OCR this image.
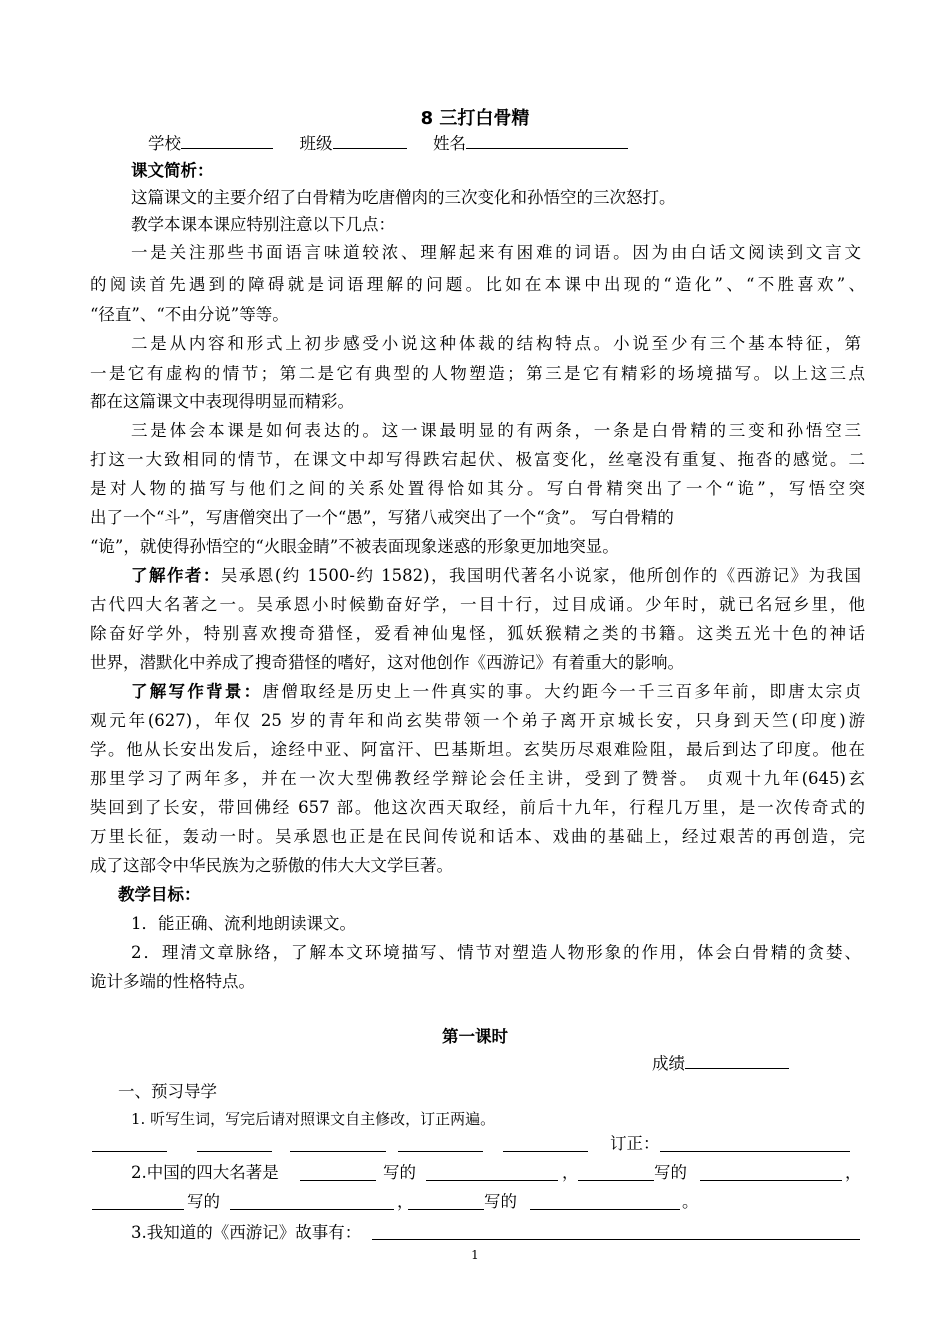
8 三打白骨精
学校	班级	姓名
课文简析：
这篇课文的主要介绍了白骨精为吃唐僧肉的三次变化和孙悟空的三次怒打。
教学本课本课应特别注意以下几点：
一是关注那些书面语言味道较浓、理解起来有困难的词语。因为由白话文阅读到文言文
的阅读首先遇到的障碍就是词语理解的问题。比如在本课中出现的“造化”、“不胜喜欢”、
“径直”、“不由分说”等等。
二是从内容和形式上初步感受小说这种体裁的结构特点。小说至少有三个基本特征，第
一是它有虚构的情节；第二是它有典型的人物塑造；第三是它有精彩的场境描写。以上这三点
都在这篇课文中表现得明显而精彩。
三是体会本课是如何表达的。这一课最明显的有两条，一条是白骨精的三变和孙悟空三
打这一大致相同的情节，在课文中却写得跌宕起伏、极富变化，丝毫没有重复、拖沓的感觉。二
是对人物的描写与他们之间的关系处置得恰如其分。写白骨精突出了一个“诡”，写悟空突
出了一个“斗”，写唐僧突出了一个“愚”，写猪八戒突出了一个“贪”。 写白骨精的
“诡”，就使得孙悟空的“火眼金睛”不被表面现象迷惑的形象更加地突显。
了解作者：吴承恩(约 1500-约 1582)，我国明代著名小说家，他所创作的《西游记》为我国
古代四大名著之一。吴承恩小时候勤奋好学，一目十行，过目成诵。少年时，就已名冠乡里，他
除奋好学外，特别喜欢搜奇猎怪，爱看神仙鬼怪，狐妖猴精之类的书籍。这类五光十色的神话
世界，潜默化中养成了搜奇猎怪的嗜好，这对他创作《西游记》有着重大的影响。
了解写作背景：唐僧取经是历史上一件真实的事。大约距今一千三百多年前，即唐太宗贞
观元年(627)，年仅 25 岁的青年和尚玄奘带领一个弟子离开京城长安，只身到天竺(印度)游
学。他从长安出发后，途经中亚、阿富汗、巴基斯坦。玄奘历尽艰难险阻，最后到达了印度。他在
那里学习了两年多，并在一次大型佛教经学辩论会任主讲，受到了赞誉。 贞观十九年(645)玄
奘回到了长安，带回佛经 657 部。他这次西天取经，前后十九年，行程几万里，是一次传奇式的
万里长征，轰动一时。吴承恩也正是在民间传说和话本、戏曲的基础上，经过艰苦的再创造，完
成了这部令中华民族为之骄傲的伟大大文学巨著。
教学目标：
1．能正确、流利地朗读课文。
2．理清文章脉络，了解本文环境描写、情节对塑造人物形象的作用，体会白骨精的贪婪、
诡计多端的性格特点。
第一课时
成绩
一、预习导学
1. 听写生词，写完后请对照课文自主修改，订正两遍。
订正：
2.中国的四大名著是	写的	，	写的	，
写的	，	写的	。
3.我知道的《西游记》故事有：
1
